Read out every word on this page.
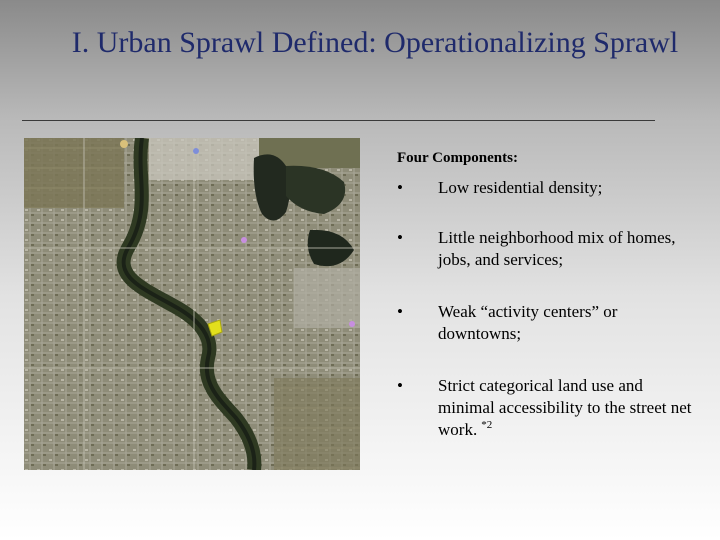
I. Urban Sprawl Defined: Operationalizing Sprawl
Four Components:
• Low residential density;
• Little neighborhood mix of homes, jobs, and services;
• Weak “activity centers” or downtowns;
• Strict categorical land use and minimal accessibility to the street net work. $^{*2}$
